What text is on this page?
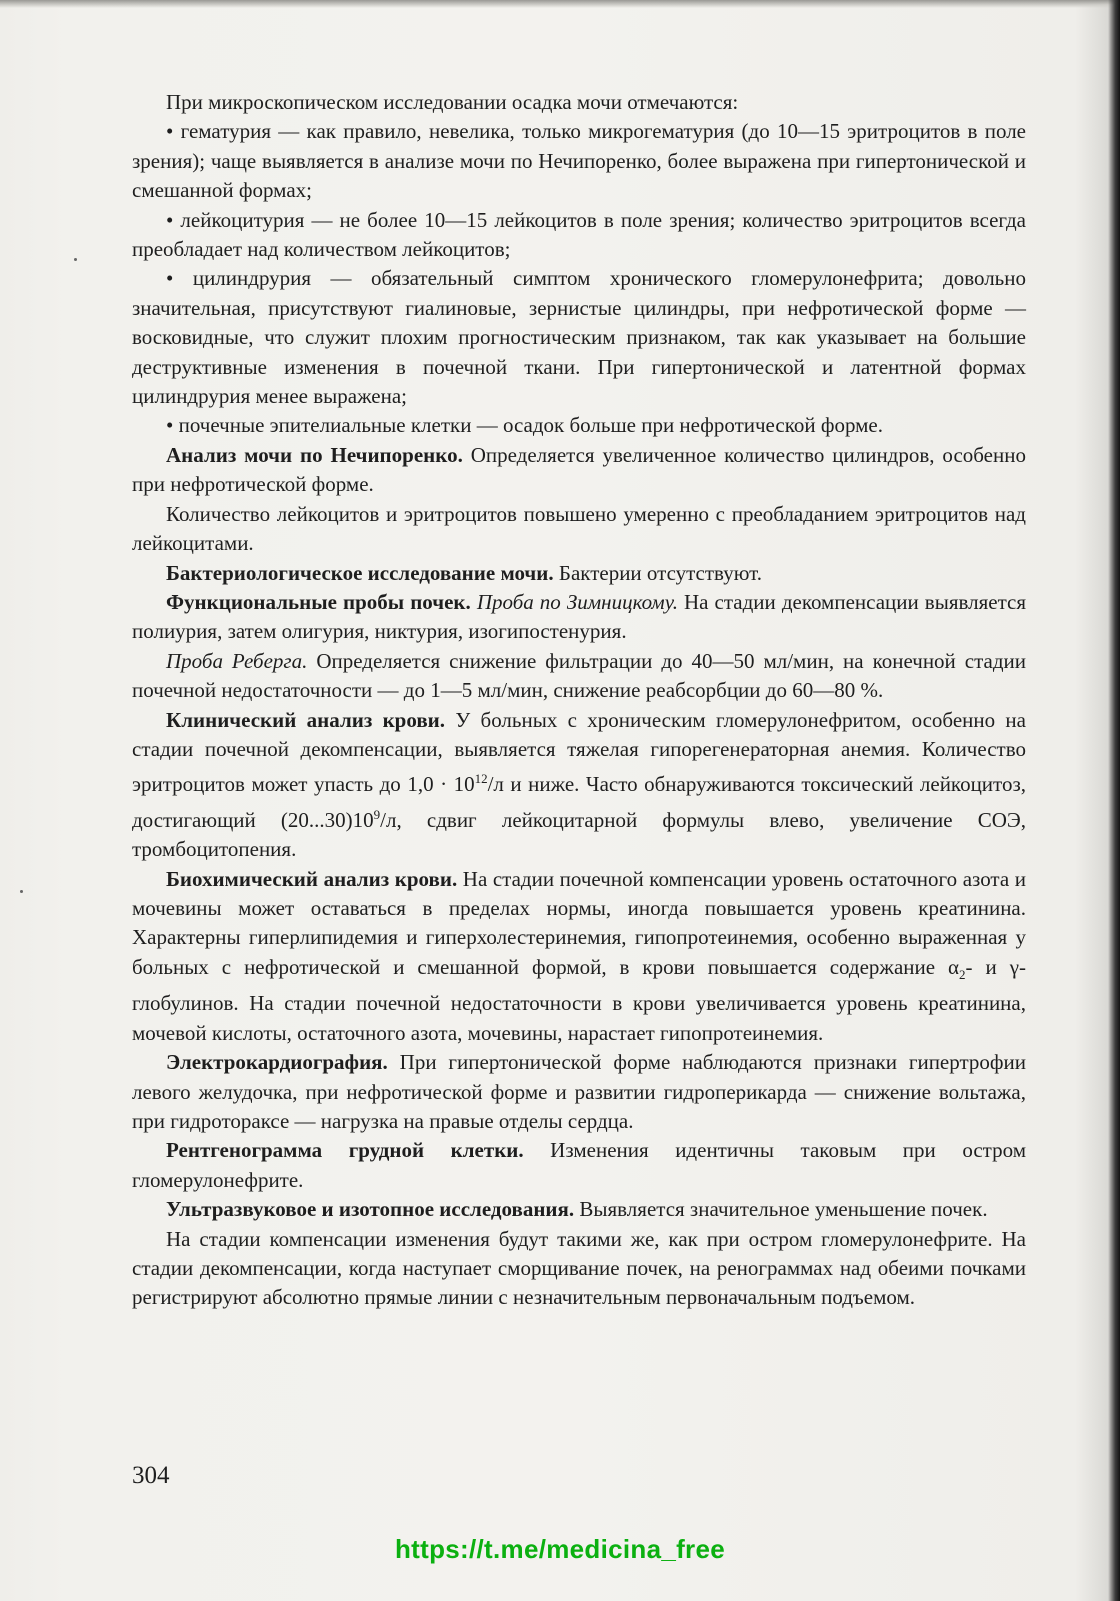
При микроскопическом исследовании осадка мочи отмечаются:

• гематурия — как правило, невелика, только микрогематурия (до 10—15 эритроцитов в поле зрения); чаще выявляется в анализе мочи по Нечипоренко, более выражена при гипертонической и смешанной формах;

• лейкоцитурия — не более 10—15 лейкоцитов в поле зрения; количество эритроцитов всегда преобладает над количеством лейкоцитов;

• цилиндрурия — обязательный симптом хронического гломерулонефрита; довольно значительная, присутствуют гиалиновые, зернистые цилиндры, при нефротической форме — восковидные, что служит плохим прогностическим признаком, так как указывает на большие деструктивные изменения в почечной ткани. При гипертонической и латентной формах цилиндрурия менее выражена;

• почечные эпителиальные клетки — осадок больше при нефротической форме.

Анализ мочи по Нечипоренко. Определяется увеличенное количество цилиндров, особенно при нефротической форме.

Количество лейкоцитов и эритроцитов повышено умеренно с преобладанием эритроцитов над лейкоцитами.

Бактериологическое исследование мочи. Бактерии отсутствуют.

Функциональные пробы почек. Проба по Зимницкому. На стадии декомпенсации выявляется полиурия, затем олигурия, никтурия, изогипостенурия.

Проба Реберга. Определяется снижение фильтрации до 40—50 мл/мин, на конечной стадии почечной недостаточности — до 1—5 мл/мин, снижение реабсорбции до 60—80 %.

Клинический анализ крови. У больных с хроническим гломерулонефритом, особенно на стадии почечной декомпенсации, выявляется тяжелая гипорегенераторная анемия. Количество эритроцитов может упасть до $1,0 \cdot 10^{12}/л$ и ниже. Часто обнаруживаются токсический лейкоцитоз, достигающий $(20...30)10^9/л$, сдвиг лейкоцитарной формулы влево, увеличение СОЭ, тромбоцитопения.

Биохимический анализ крови. На стадии почечной компенсации уровень остаточного азота и мочевины может оставаться в пределах нормы, иногда повышается уровень креатинина. Характерны гиперлипидемия и гиперхолестеринемия, гипопротеинемия, особенно выраженная у больных с нефротической и смешанной формой, в крови повышается содержание $\alpha_2-$ и γ-глобулинов. На стадии почечной недостаточности в крови увеличивается уровень креатинина, мочевой кислоты, остаточного азота, мочевины, нарастает гипопротеинемия.

Электрокардиография. При гипертонической форме наблюдаются признаки гипертрофии левого желудочка, при нефротической форме и развитии гидроперикарда — снижение вольтажа, при гидротораксе — нагрузка на правые отделы сердца.

Рентгенограмма грудной клетки. Изменения идентичны таковым при остром гломерулонефрите.

Ультразвуковое и изотопное исследования. Выявляется значительное уменьшение почек.

На стадии компенсации изменения будут такими же, как при остром гломерулонефрите. На стадии декомпенсации, когда наступает сморщивание почек, на ренограммах над обеими почками регистрируют абсолютно прямые линии с незначительным первоначальным подъемом.

304
https://t.me/medicina_free
